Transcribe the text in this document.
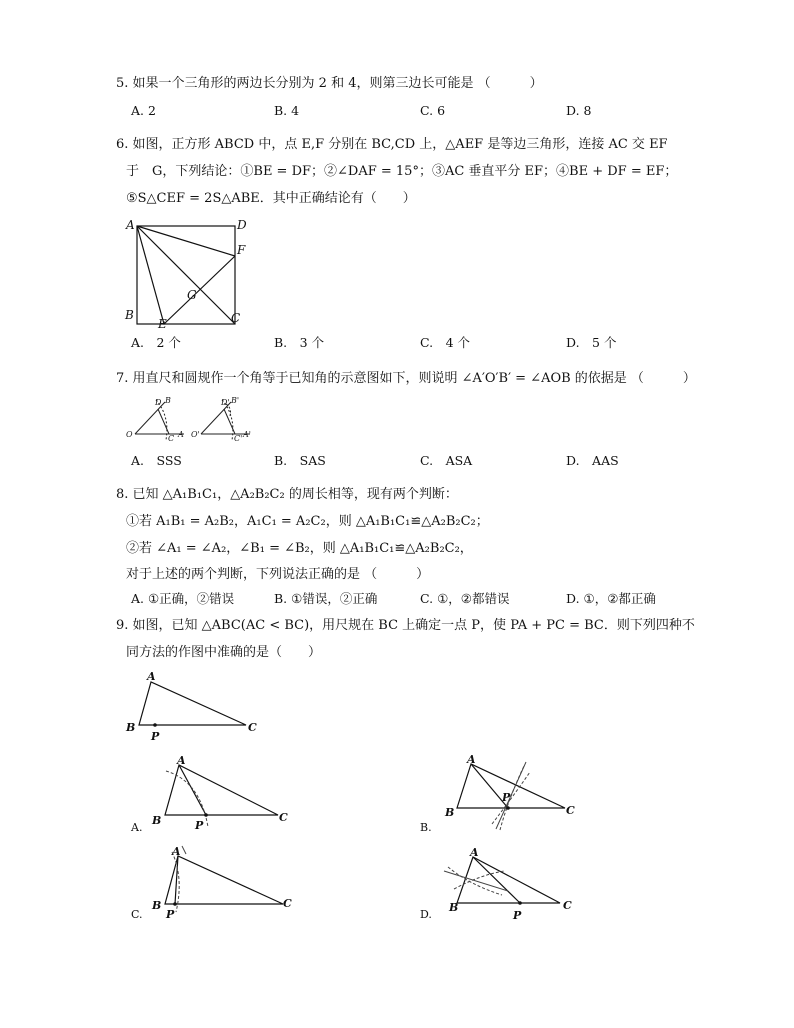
5. 如果一个三角形的两边长分别为 2 和 4，则第三边长可能是 （　　　）
A. 2	B. 4	C. 6	D. 8
6. 如图，正方形 ABCD 中，点 E,F 分别在 BC,CD 上，△AEF 是等边三角形，连接 AC 交 EF
于　G，下列结论：①BE = DF；②∠DAF = 15°；③AC 垂直平分 EF；④BE + DF = EF；
⑤S△CEF = 2S△ABE．其中正确结论有（　　）
A	D
F
G
B
E	C
A.　2 个	B.　3 个	C.　4 个	D.　5 个
7. 用直尺和圆规作一个角等于已知角的示意图如下，则说明 ∠A′O′B′ = ∠AOB 的依据是 （　　　）
O
D B
C A O'
D' B'
C' A'
A.　SSS	B.　SAS	C.　ASA	D.　AAS
8. 已知 △A₁B₁C₁，△A₂B₂C₂ 的周长相等，现有两个判断：
①若 A₁B₁ = A₂B₂，A₁C₁ = A₂C₂，则 △A₁B₁C₁≌△A₂B₂C₂；
②若 ∠A₁ = ∠A₂，∠B₁ = ∠B₂，则 △A₁B₁C₁≌△A₂B₂C₂，
对于上述的两个判断，下列说法正确的是 （　　　）
A. ①正确，②错误	B. ①错误，②正确	C. ①，②都错误	D. ①，②都正确
9. 如图，已知 △ABC(AC < BC)，用尺规在 BC 上确定一点 P，使 PA + PC = BC．则下列四种不
同方法的作图中准确的是（　　）
A
B
P
C
A.
A
B	P
C
B.
A
B
P
C
C.
A
B
P
C
D.
A
B
P
C
